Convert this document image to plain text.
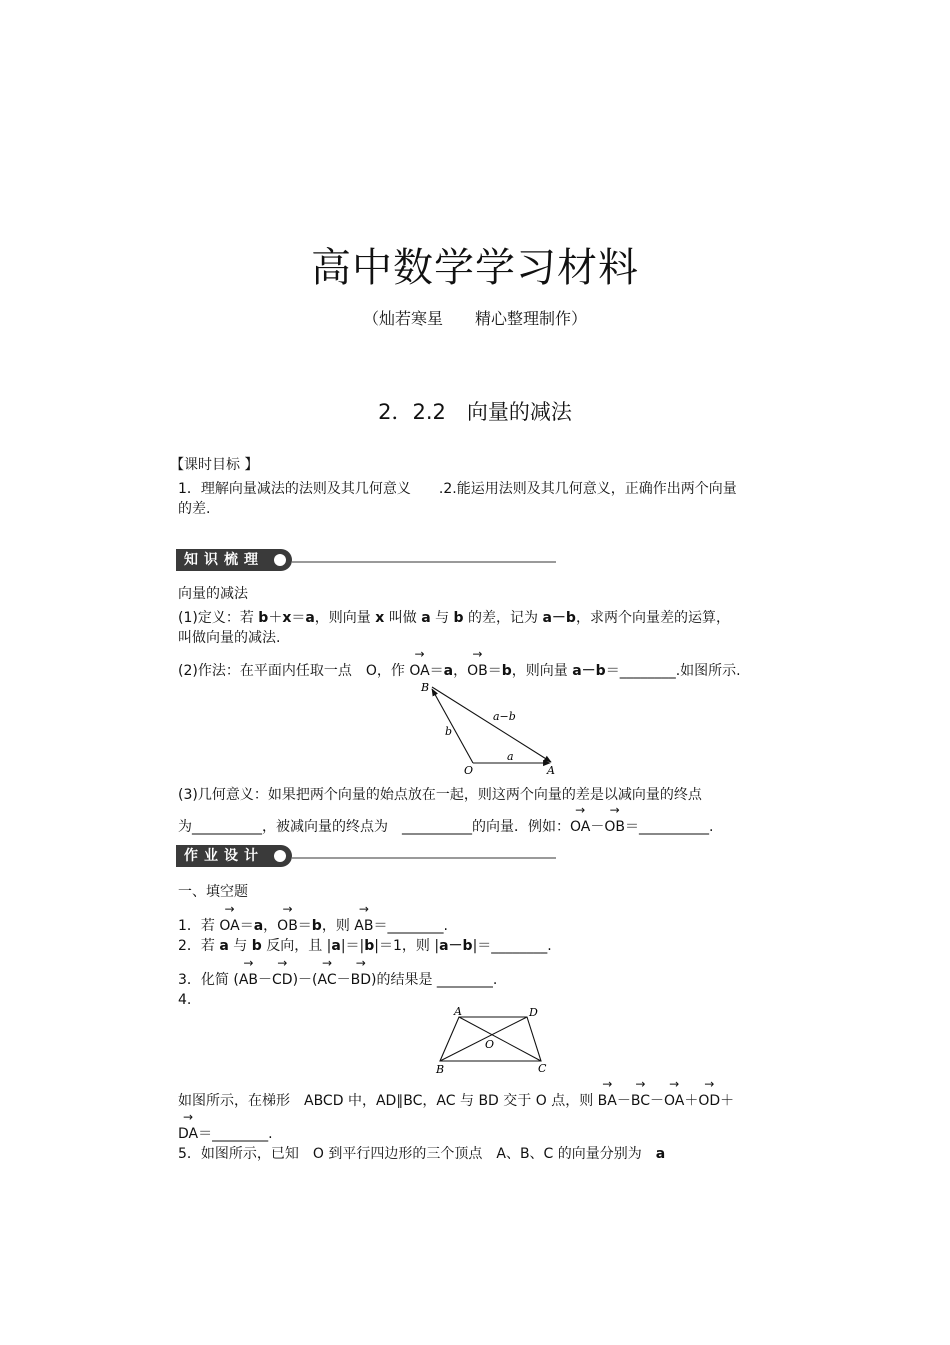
高中数学学习材料
（灿若寒星　　精心整理制作）
2．2.2　向量的减法
【课时目标 】
1．理解向量减法的法则及其几何意义　　.2.能运用法则及其几何意义，正确作出两个向量
的差.
知识梳理
向量的减法
(1)定义：若 b＋x＝a，则向量 x 叫做 a 与 b 的差，记为 a－b，求两个向量差的运算，
叫做向量的减法.
(2)作法：在平面内任取一点　O，作
→
OA＝a，
→
OB＝b，则向量 a－b＝________.如图所示.
B
O	A
b
a
a−b
(3)几何意义：如果把两个向量的始点放在一起，则这两个向量的差是以减向量的终点
为__________，被减向量的终点为　__________的向量．例如：
→
OA－
→
OB＝__________.
作业设计
一、填空题
1．若
→
OA＝a，
→
OB＝b，则
→
AB＝________.
2．若 a 与 b 反向，且 |a|＝|b|＝1，则 |a－b|＝________.
3．化简 (
→
AB－
→
CD)－(
→
AC－
→
BD)的结果是 ________.
4.
A	D
O
B	C
如图所示，在梯形　ABCD 中，AD∥BC，AC 与 BD 交于 O 点，则
→
BA－
→
BC－
→
OA＋
→
OD＋
→
DA＝________.
5．如图所示，已知　O 到平行四边形的三个顶点　A、B、C 的向量分别为　a
